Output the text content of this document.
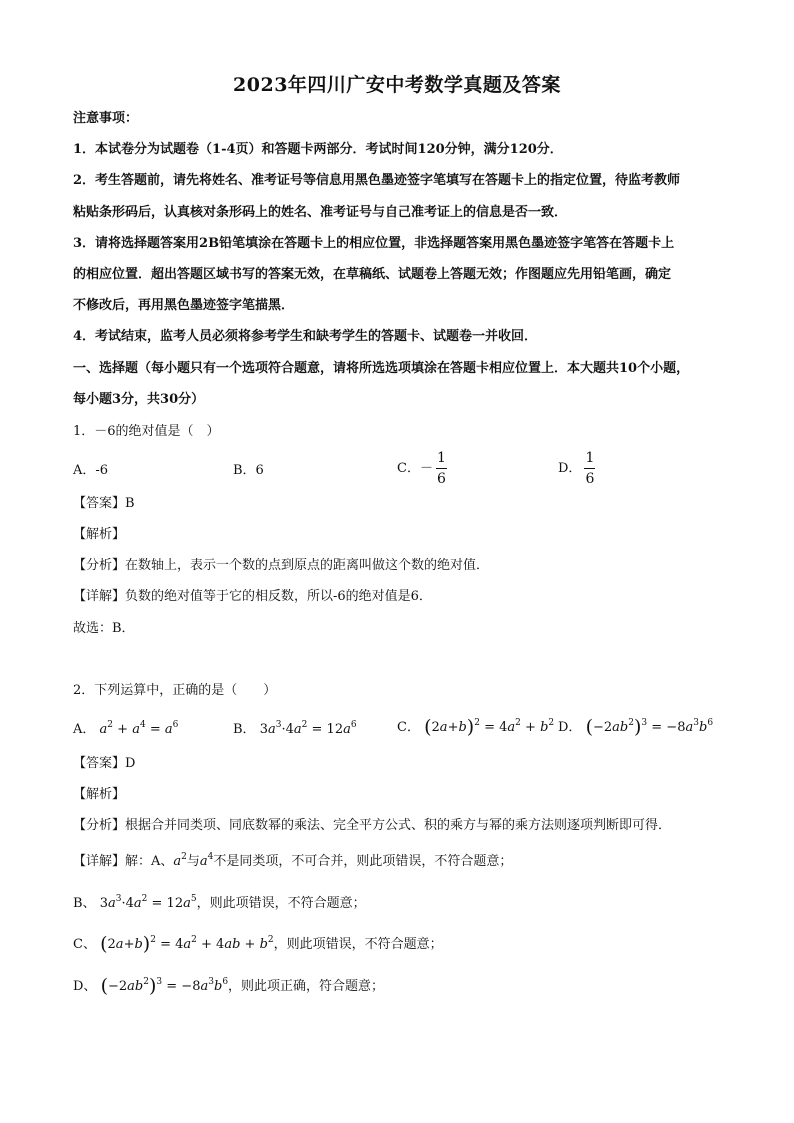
2023年四川广安中考数学真题及答案
注意事项：
1．本试卷分为试题卷（1-4页）和答题卡两部分．考试时间120分钟，满分120分．
2．考生答题前，请先将姓名、准考证号等信息用黑色墨迹签字笔填写在答题卡上的指定位置，待监考教师
粘贴条形码后，认真核对条形码上的姓名、准考证号与自己准考证上的信息是否一致．
3．请将选择题答案用2B铅笔填涂在答题卡上的相应位置，非选择题答案用黑色墨迹签字笔答在答题卡上
的相应位置．超出答题区域书写的答案无效，在草稿纸、试题卷上答题无效；作图题应先用铅笔画，确定
不修改后，再用黑色墨迹签字笔描黑．
4．考试结束，监考人员必须将参考学生和缺考学生的答题卡、试题卷一并收回．
一、选择题（每小题只有一个选项符合题意，请将所选选项填涂在答题卡相应位置上．本大题共10个小题，
每小题3分，共30分）
1．－6的绝对值是（　）
A．-6	B．6	C．－ $\frac{1}{6}$	D． $\frac{1}{6}$
【答案】B
【解析】
【分析】在数轴上，表示一个数的点到原点的距离叫做这个数的绝对值．
【详解】负数的绝对值等于它的相反数，所以-6的绝对值是6．
故选：B．
2．下列运算中，正确的是（　　）
A． $a^2 + a^4 = a^6$	B． $3a^3\cdot 4a^2 = 12a^6$	C． $(2a+b)^2 = 4a^2 + b^2$ D． $(-2ab^2)^3 = -8a^3b^6$
【答案】D
【解析】
【分析】根据合并同类项、同底数幂的乘法、完全平方公式、积的乘方与幂的乘方法则逐项判断即可得．
【详解】解：A、$a^2$与$a^4$不是同类项，不可合并，则此项错误，不符合题意；
B、 $3a^3\cdot 4a^2 = 12a^5$，则此项错误，不符合题意；
C、 $(2a+b)^2 = 4a^2 + 4ab + b^2$，则此项错误，不符合题意；
D、 $(-2ab^2)^3 = -8a^3b^6$，则此项正确，符合题意；
